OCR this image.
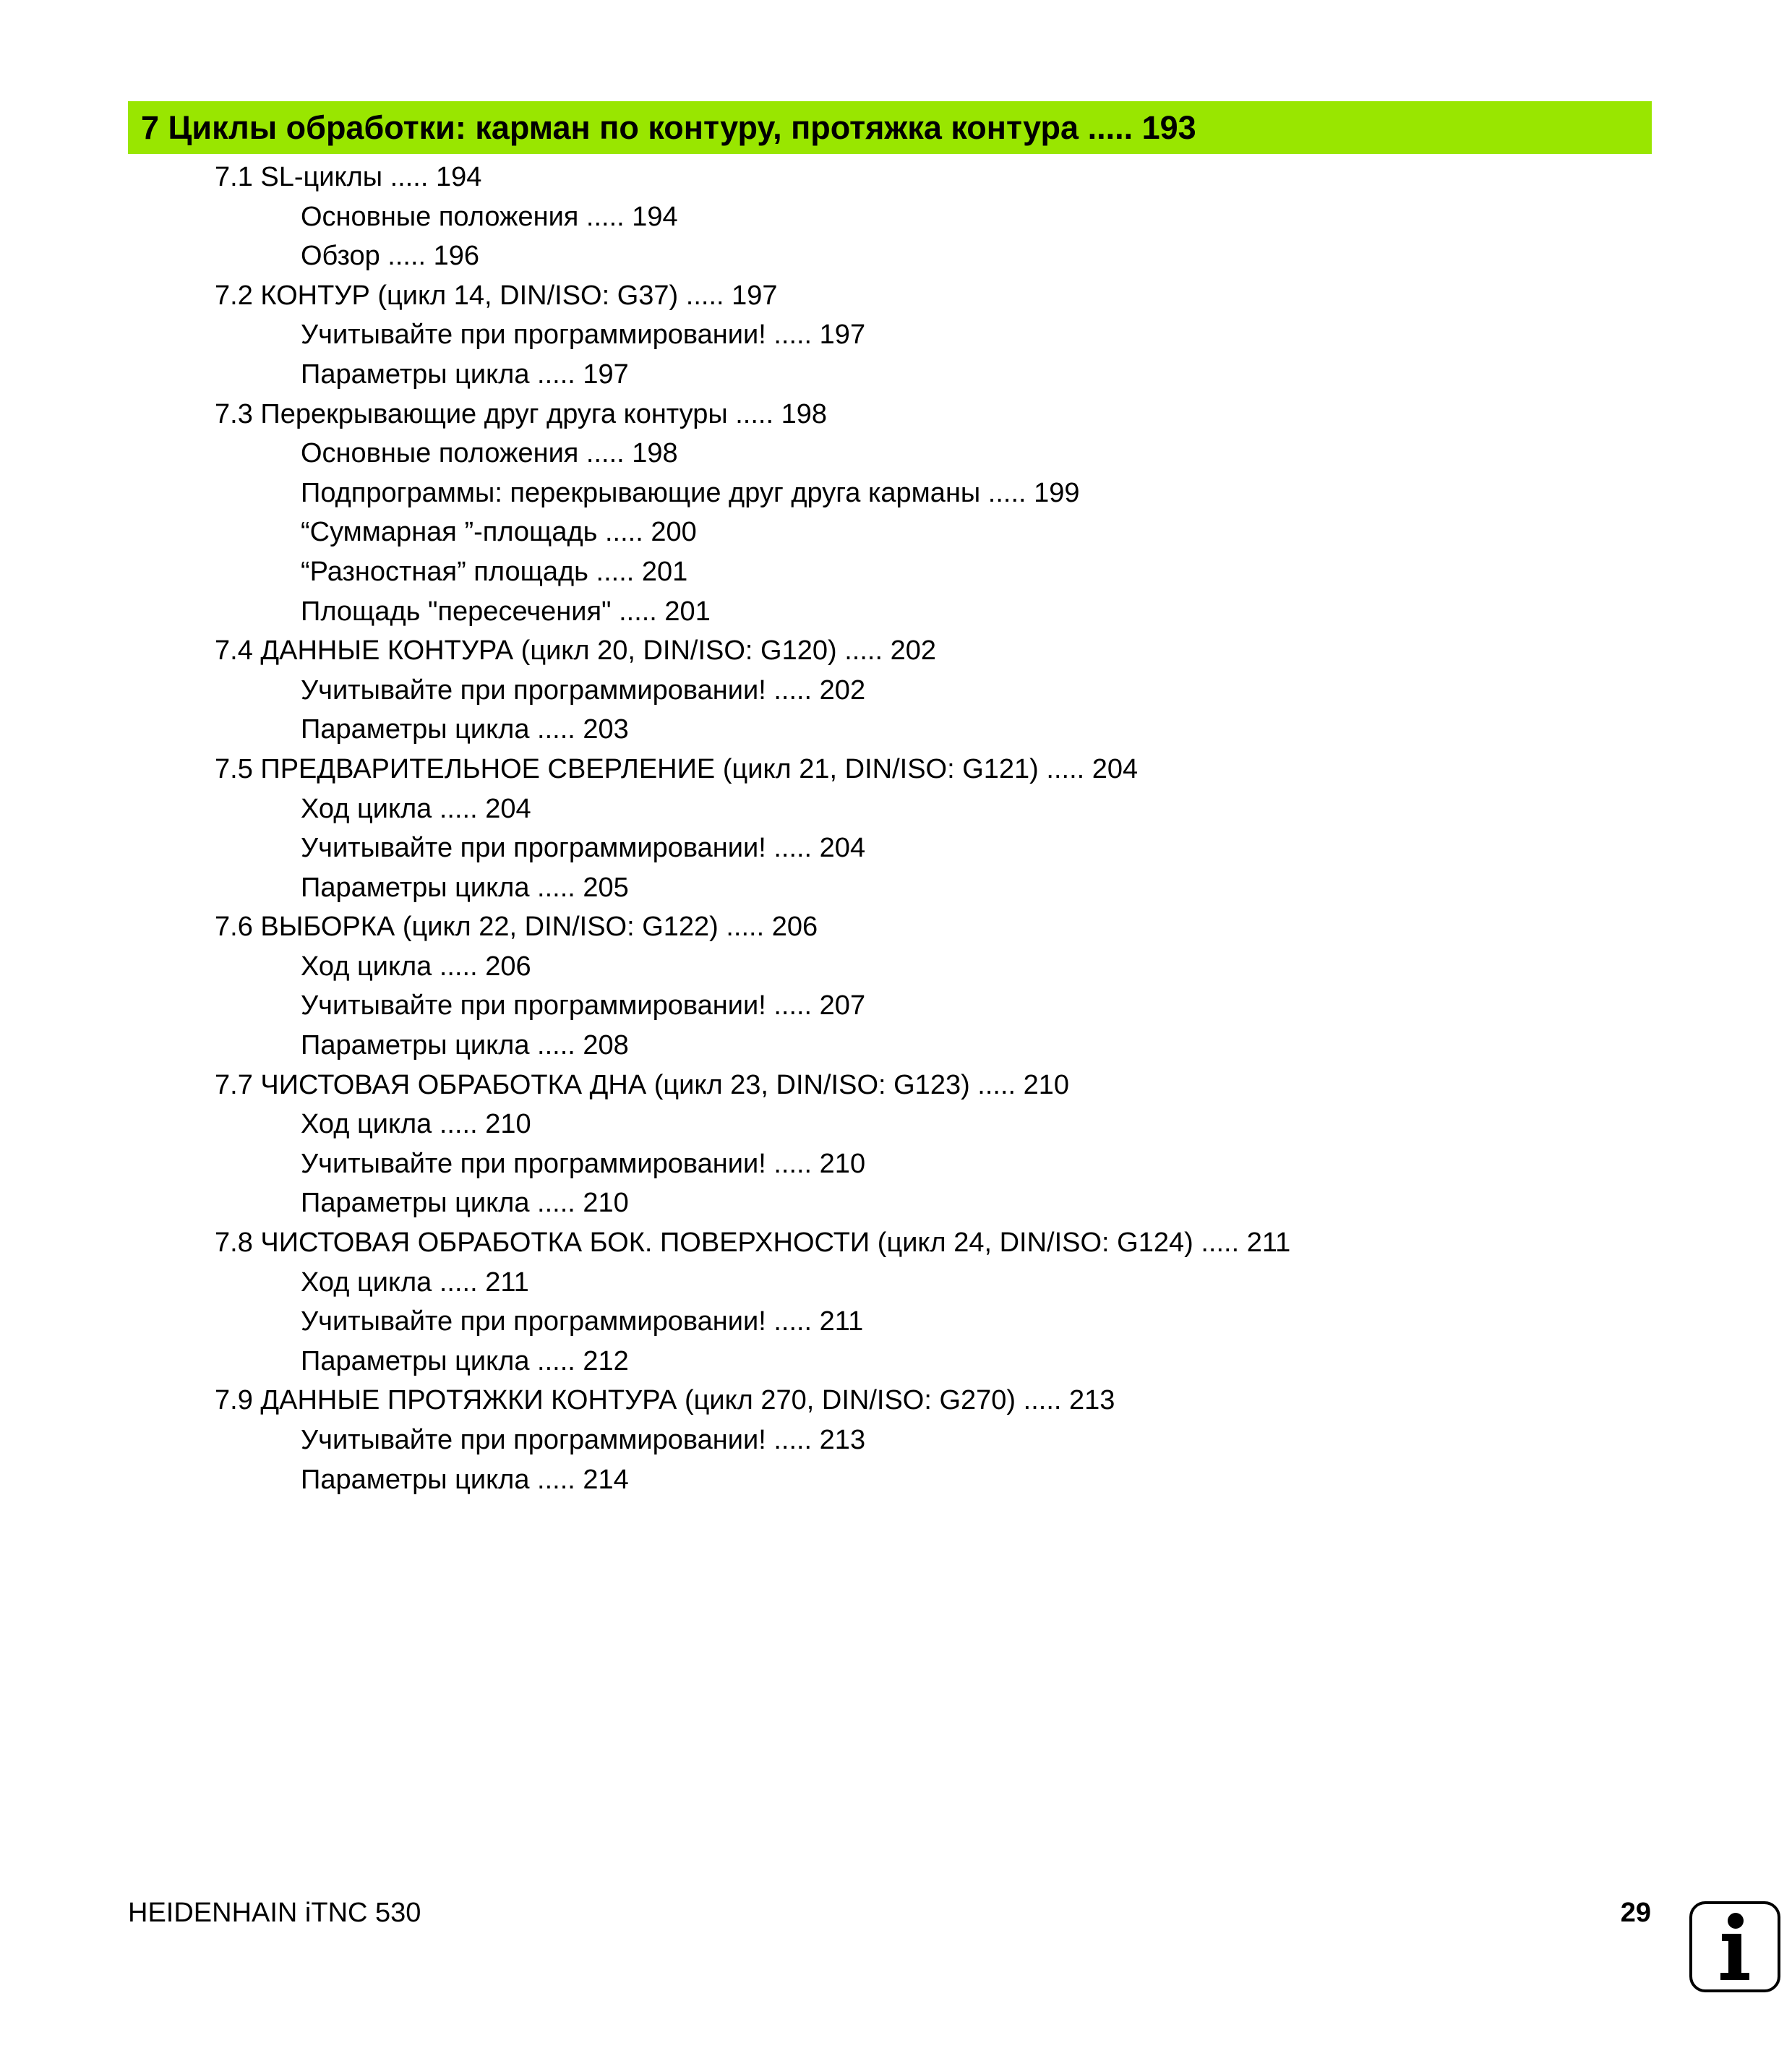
7 Циклы обработки: карман по контуру, протяжка контура ..... 193
7.1 SL-циклы ..... 194
Основные положения ..... 194
Обзор ..... 196
7.2 КОНТУР (цикл 14, DIN/ISO: G37) ..... 197
Учитывайте при программировании! ..... 197
Параметры цикла ..... 197
7.3 Перекрывающие друг друга контуры ..... 198
Основные положения ..... 198
Подпрограммы: перекрывающие друг друга карманы ..... 199
“Суммарная ”-площадь ..... 200
“Разностная” площадь ..... 201
Площадь "пересечения" ..... 201
7.4 ДАННЫЕ КОНТУРА (цикл 20, DIN/ISO: G120) ..... 202
Учитывайте при программировании! ..... 202
Параметры цикла ..... 203
7.5 ПРЕДВАРИТЕЛЬНОЕ СВЕРЛЕНИЕ (цикл 21, DIN/ISO: G121) ..... 204
Ход цикла ..... 204
Учитывайте при программировании! ..... 204
Параметры цикла ..... 205
7.6 ВЫБОРКА (цикл 22, DIN/ISO: G122) ..... 206
Ход цикла ..... 206
Учитывайте при программировании! ..... 207
Параметры цикла ..... 208
7.7 ЧИСТОВАЯ ОБРАБОТКА ДНА (цикл 23, DIN/ISO: G123) ..... 210
Ход цикла ..... 210
Учитывайте при программировании! ..... 210
Параметры цикла ..... 210
7.8 ЧИСТОВАЯ ОБРАБОТКА БОК. ПОВЕРХНОСТИ (цикл 24, DIN/ISO: G124) ..... 211
Ход цикла ..... 211
Учитывайте при программировании! ..... 211
Параметры цикла ..... 212
7.9 ДАННЫЕ ПРОТЯЖКИ КОНТУРА (цикл 270, DIN/ISO: G270) ..... 213
Учитывайте при программировании! ..... 213
Параметры цикла ..... 214
HEIDENHAIN iTNC 530	29
